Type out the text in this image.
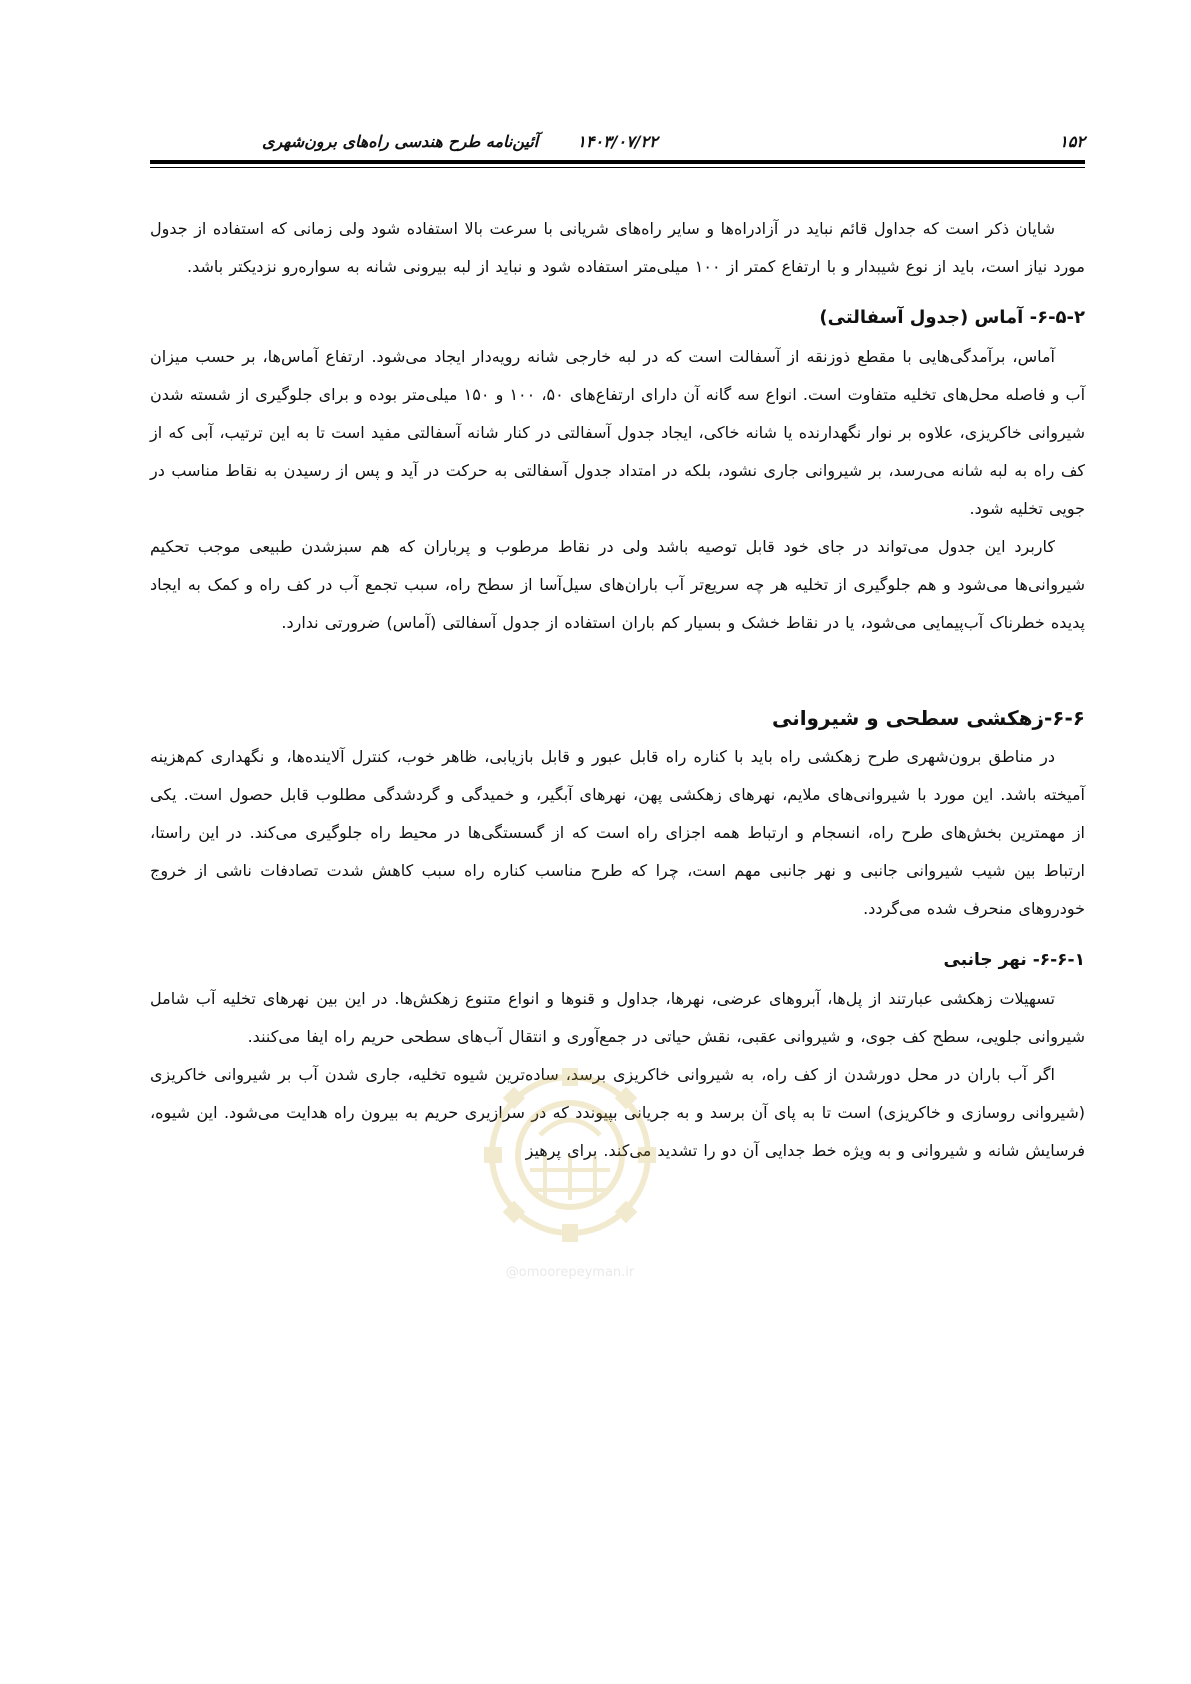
۱۵۲
۱۴۰۳/۰۷/۲۲
آئین‌نامه طرح هندسی راه‌های برون‌شهری

شایان ذکر است که جداول قائم نباید در آزادراه‌ها و سایر راه‌های شریانی با سرعت بالا استفاده شود ولی زمانی که استفاده از جدول مورد نیاز است، باید از نوع شیبدار و با ارتفاع کمتر از ۱۰۰ میلی‌متر استفاده شود و نباید از لبه بیرونی شانه به سواره‌رو نزدیکتر باشد.

۶-۵-۲- آماس (جدول آسفالتی)

آماس، برآمدگی‌هایی با مقطع ذوزنقه از آسفالت است که در لبه خارجی شانه رویه‌دار ایجاد می‌شود. ارتفاع آماس‌ها، بر حسب میزان آب و فاصله محل‌های تخلیه متفاوت است. انواع سه گانه آن دارای ارتفاع‌های ۵۰، ۱۰۰ و ۱۵۰ میلی‌متر بوده و برای جلوگیری از شسته شدن شیروانی خاکریزی، علاوه بر نوار نگهدارنده یا شانه خاکی، ایجاد جدول آسفالتی در کنار شانه آسفالتی مفید است تا به این ترتیب، آبی که از کف راه به لبه شانه می‌رسد، بر شیروانی جاری نشود، بلکه در امتداد جدول آسفالتی به حرکت در آید و پس از رسیدن به نقاط مناسب در جویی تخلیه شود.

کاربرد این جدول می‌تواند در جای خود قابل توصیه باشد ولی در نقاط مرطوب و پرباران که هم سبزشدن طبیعی موجب تحکیم شیروانی‌ها می‌شود و هم جلوگیری از تخلیه هر چه سریع‌تر آب باران‌های سیل‌آسا از سطح راه، سبب تجمع آب در کف راه و کمک به ایجاد پدیده خطرناک آب‌پیمایی می‌شود، یا در نقاط خشک و بسیار کم باران استفاده از جدول آسفالتی (آماس) ضرورتی ندارد.

۶-۶-زهکشی سطحی و شیروانی

در مناطق برون‌شهری طرح زهکشی راه باید با کناره راه قابل عبور و قابل بازیابی، ظاهر خوب، کنترل آلاینده‌ها، و نگهداری کم‌هزینه آمیخته باشد. این مورد با شیروانی‌های ملایم، نهرهای زهکشی پهن، نهرهای آبگیر، و خمیدگی و گردشدگی مطلوب قابل حصول است. یکی از مهمترین بخش‌های طرح راه، انسجام و ارتباط همه اجزای راه است که از گسستگی‌ها در محیط راه جلوگیری می‌کند. در این راستا، ارتباط بین شیب شیروانی جانبی و نهر جانبی مهم است، چرا که طرح مناسب کناره راه سبب کاهش شدت تصادفات ناشی از خروج خودروهای منحرف شده می‌گردد.

۶-۶-۱- نهر جانبی

تسهیلات زهکشی عبارتند از پل‌ها، آبروهای عرضی، نهرها، جداول و قنوها و انواع متنوع زهکش‌ها. در این بین نهرهای تخلیه آب شامل شیروانی جلویی، سطح کف جوی، و شیروانی عقبی، نقش حیاتی در جمع‌آوری و انتقال آب‌های سطحی حریم راه ایفا می‌کنند.

اگر آب باران در محل دورشدن از کف راه، به شیروانی خاکریزی برسد، ساده‌ترین شیوه تخلیه، جاری شدن آب بر شیروانی خاکریزی (شیروانی روسازی و خاکریزی) است تا به پای آن برسد و به جریانی بپیوندد که در سرازیری حریم به بیرون راه هدایت می‌شود. این شیوه، فرسایش شانه و شیروانی و به ویژه خط جدایی آن دو را تشدید می‌کند. برای پرهیز

@omoorepeyman.ir
